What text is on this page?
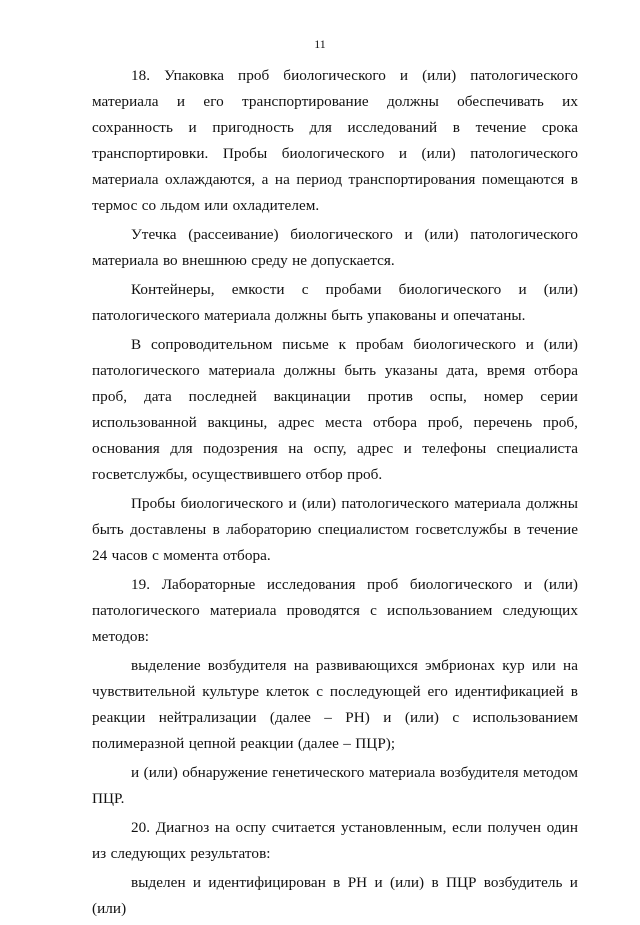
11

18. Упаковка проб биологического и (или) патологического материала и его транспортирование должны обеспечивать их сохранность и пригодность для исследований в течение срока транспортировки. Пробы биологического и (или) патологического материала охлаждаются, а на период транспортирования помещаются в термос со льдом или охладителем.

Утечка (рассеивание) биологического и (или) патологического материала во внешнюю среду не допускается.

Контейнеры, емкости с пробами биологического и (или) патологического материала должны быть упакованы и опечатаны.

В сопроводительном письме к пробам биологического и (или) патологического материала должны быть указаны дата, время отбора проб, дата последней вакцинации против оспы, номер серии использованной вакцины, адрес места отбора проб, перечень проб, основания для подозрения на оспу, адрес и телефоны специалиста госветслужбы, осуществившего отбор проб.

Пробы биологического и (или) патологического материала должны быть доставлены в лабораторию специалистом госветслужбы в течение 24 часов с момента отбора.

19. Лабораторные исследования проб биологического и (или) патологического материала проводятся с использованием следующих методов:

выделение возбудителя на развивающихся эмбрионах кур или на чувствительной культуре клеток с последующей его идентификацией в реакции нейтрализации (далее – РН) и (или) с использованием полимеразной цепной реакции (далее – ПЦР);

и (или) обнаружение генетического материала возбудителя методом ПЦР.

20. Диагноз на оспу считается установленным, если получен один из следующих результатов:

выделен и идентифицирован в РН и (или) в ПЦР возбудитель и (или)
